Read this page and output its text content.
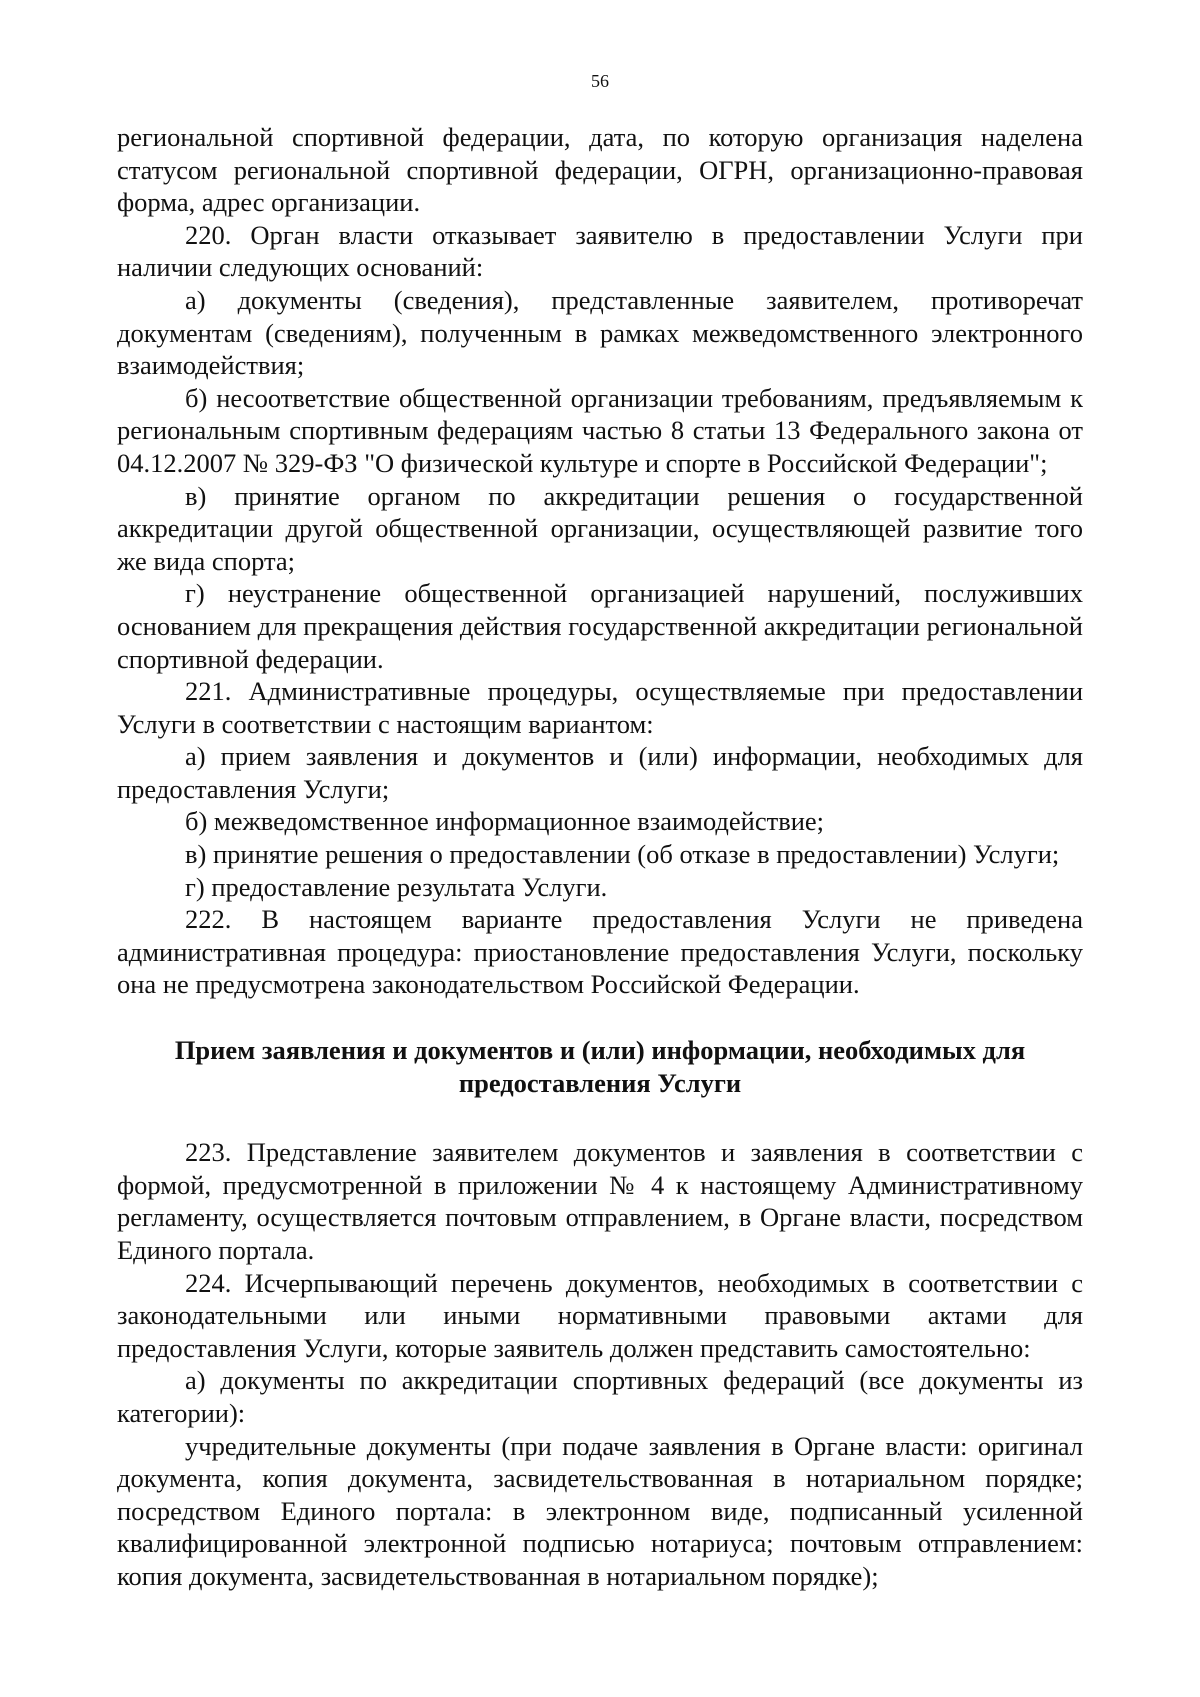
56

региональной спортивной федерации, дата, по которую организация наделена статусом региональной спортивной федерации, ОГРН, организационно-правовая форма, адрес организации.

220. Орган власти отказывает заявителю в предоставлении Услуги при наличии следующих оснований:

а) документы (сведения), представленные заявителем, противоречат документам (сведениям), полученным в рамках межведомственного электронного взаимодействия;

б) несоответствие общественной организации требованиям, предъявляемым к региональным спортивным федерациям частью 8 статьи 13 Федерального закона от 04.12.2007 № 329-ФЗ "О физической культуре и спорте в Российской Федерации";

в) принятие органом по аккредитации решения о государственной аккредитации другой общественной организации, осуществляющей развитие того же вида спорта;

г) неустранение общественной организацией нарушений, послуживших основанием для прекращения действия государственной аккредитации региональной спортивной федерации.

221. Административные процедуры, осуществляемые при предоставлении Услуги в соответствии с настоящим вариантом:

а) прием заявления и документов и (или) информации, необходимых для предоставления Услуги;

б) межведомственное информационное взаимодействие;

в) принятие решения о предоставлении (об отказе в предоставлении) Услуги;

г) предоставление результата Услуги.

222. В настоящем варианте предоставления Услуги не приведена административная процедура: приостановление предоставления Услуги, поскольку она не предусмотрена законодательством Российской Федерации.

Прием заявления и документов и (или) информации, необходимых для
предоставления Услуги

223. Представление заявителем документов и заявления в соответствии с формой, предусмотренной в приложении № 4 к настоящему Административному регламенту, осуществляется почтовым отправлением, в Органе власти, посредством Единого портала.

224. Исчерпывающий перечень документов, необходимых в соответствии с законодательными или иными нормативными правовыми актами для предоставления Услуги, которые заявитель должен представить самостоятельно:

а) документы по аккредитации спортивных федераций (все документы из категории):

учредительные документы (при подаче заявления в Органе власти: оригинал документа, копия документа, засвидетельствованная в нотариальном порядке; посредством Единого портала: в электронном виде, подписанный усиленной квалифицированной электронной подписью нотариуса; почтовым отправлением: копия документа, засвидетельствованная в нотариальном порядке);
